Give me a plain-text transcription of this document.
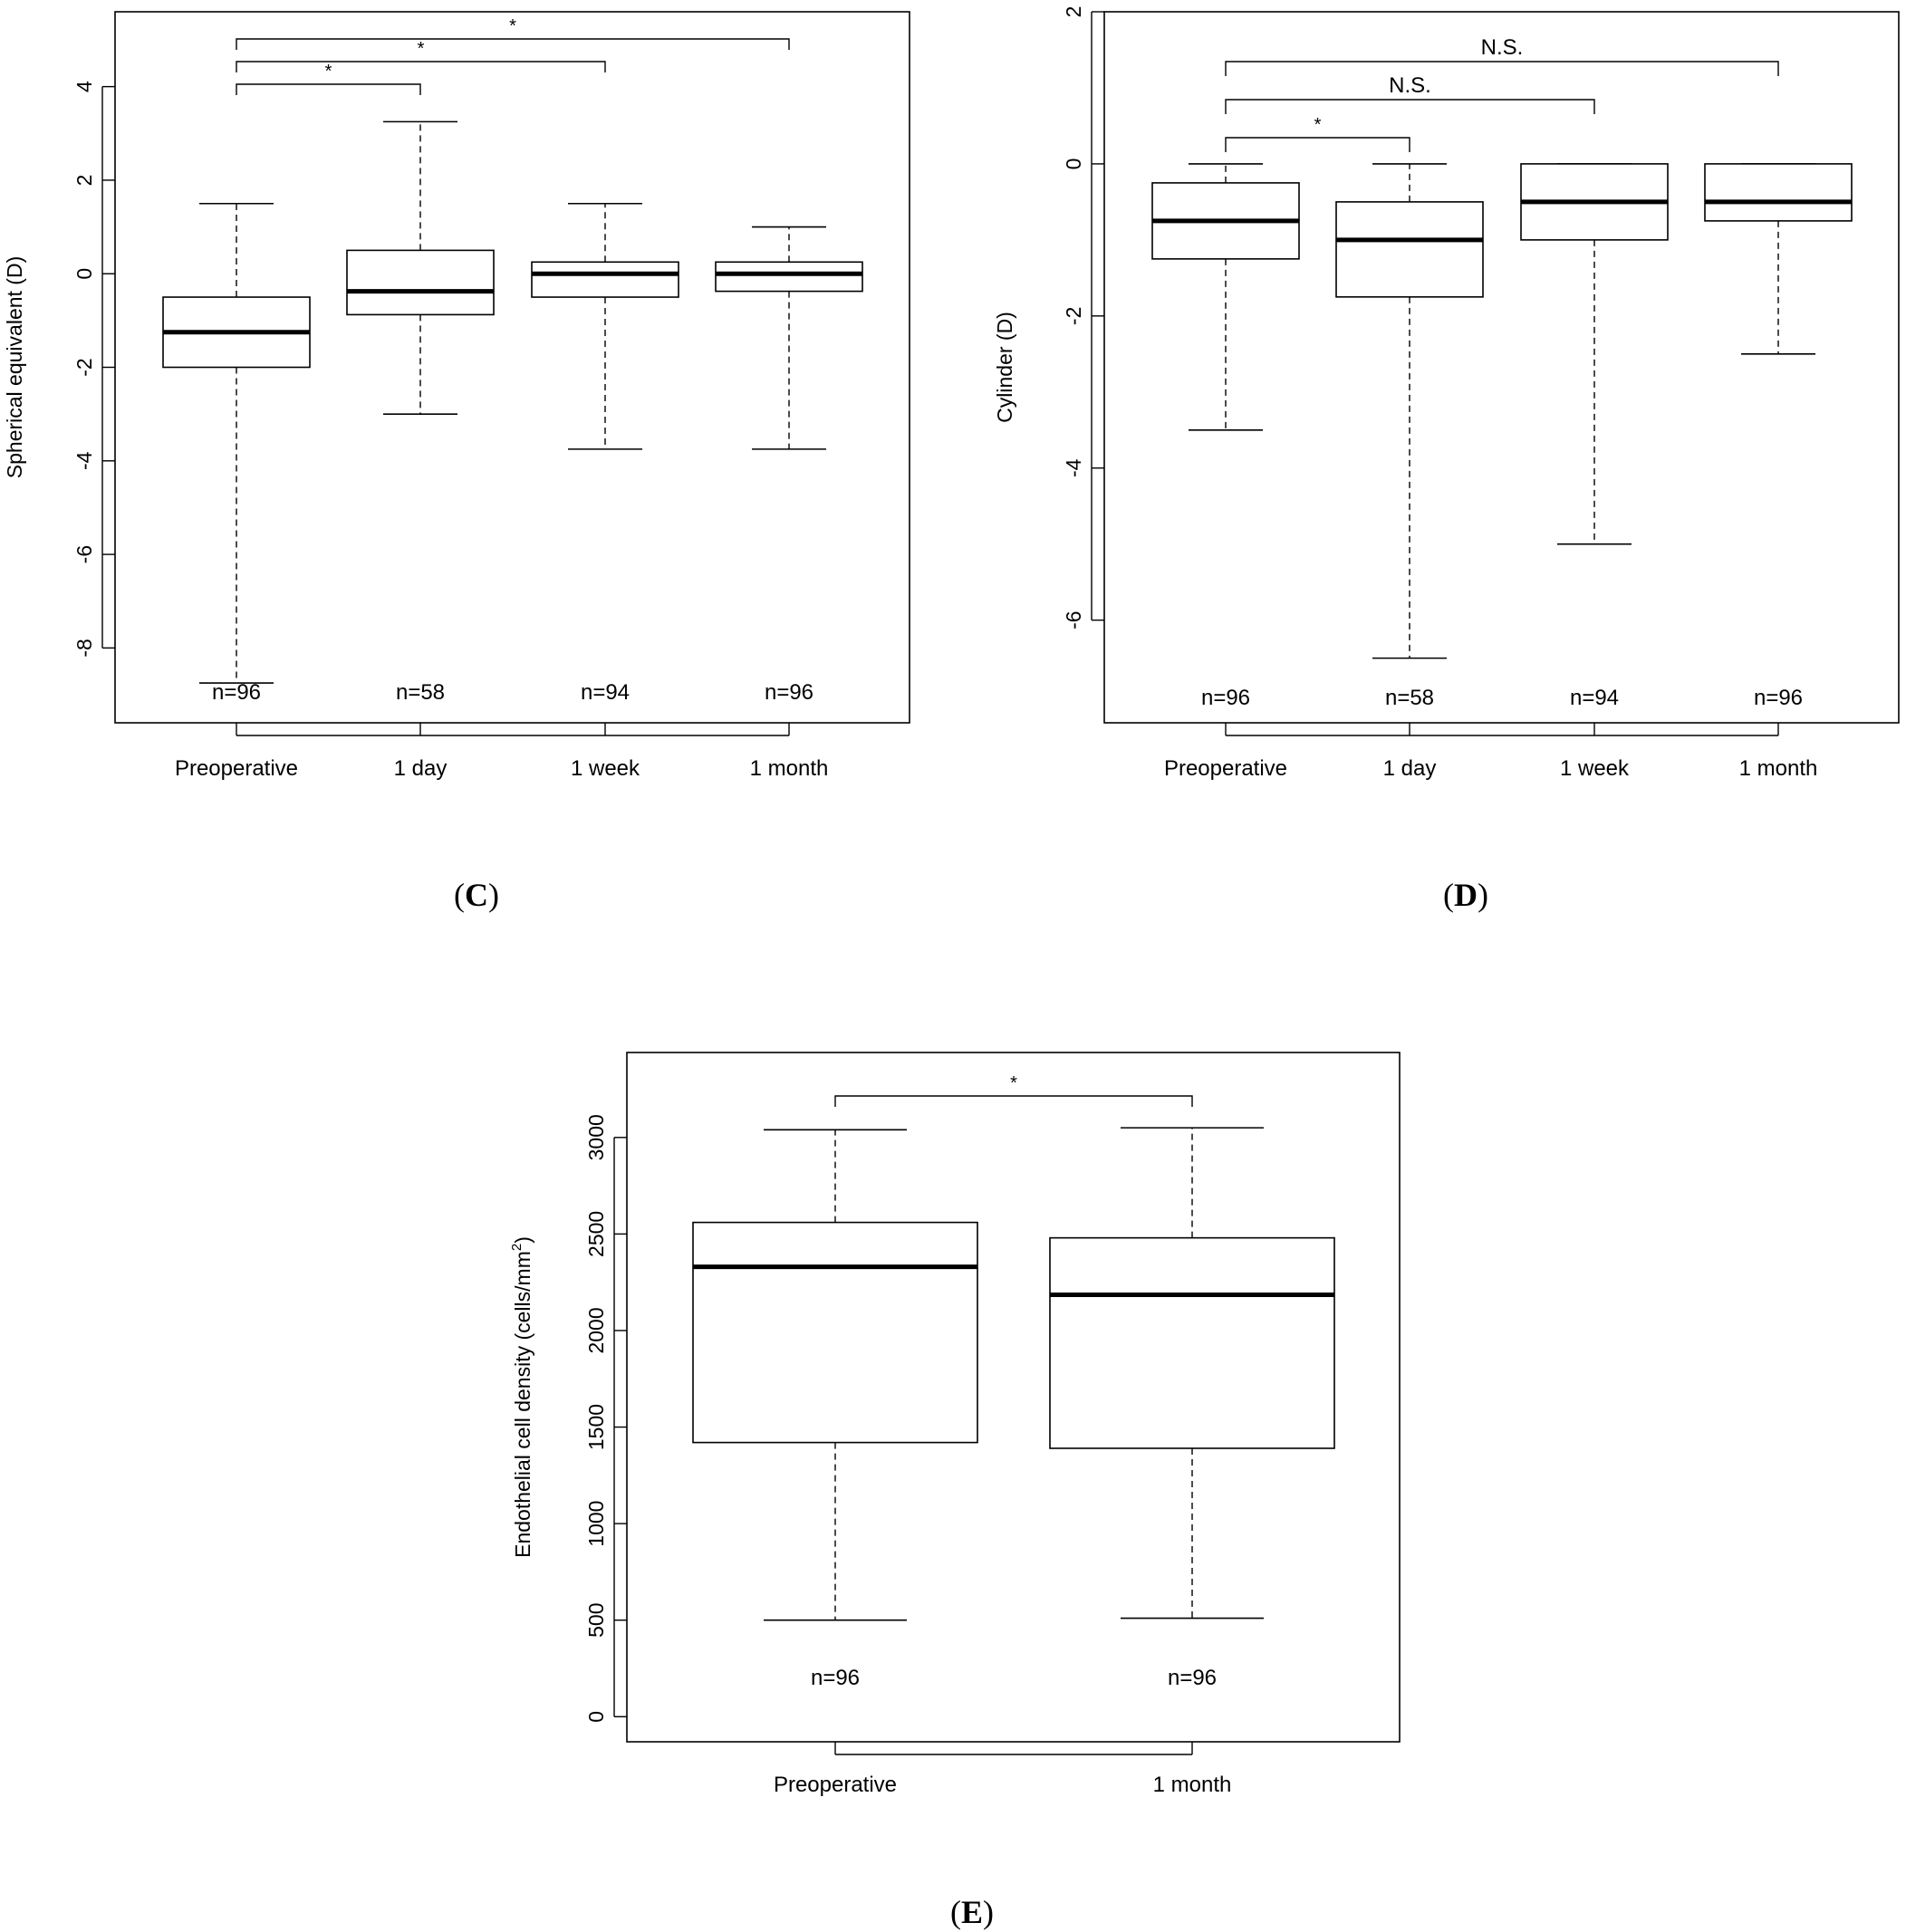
4
2
0
-2
-4
-6
-8
Spherical equivalent (D)
Preoperative	1 day	1 week	1 month
n=96	n=58	n=94	n=96
*
*
*
(C)
2
0
-2
-4
-6
Cylinder (D)
Preoperative	1 day	1 week	1 month
n=96	n=58	n=94	n=96
*
N.S.
N.S.
(D)
0
500
1000
1500
2000
2500
3000
Endothelial cell density $(cells/mm^2)$
Preoperative	1 month
n=96	n=96
*
(E)
